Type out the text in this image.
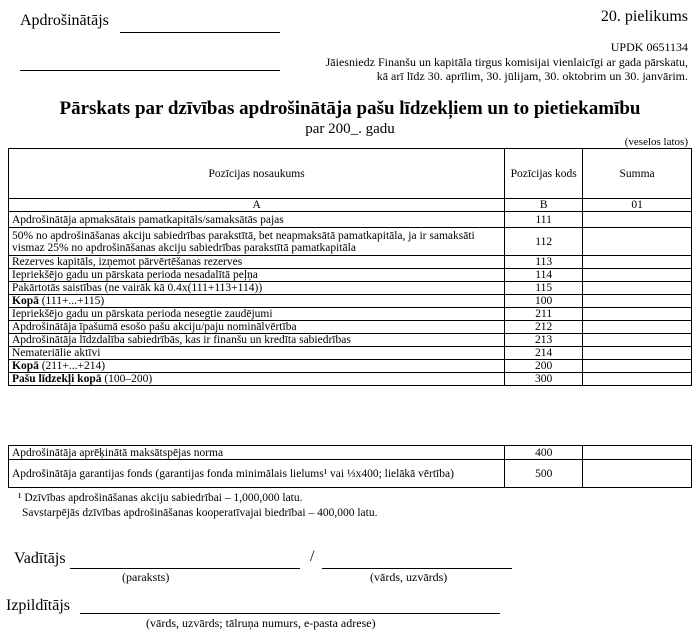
Apdrošinātājs	20. pielikums
UPDK 0651134
Jāiesniedz Finanšu un kapitāla tirgus komisijai vienlaicīgi ar gada pārskatu,
kā arī līdz 30. aprīlim, 30. jūlijam, 30. oktobrim un 30. janvārim.
Pārskats par dzīvības apdrošinātāja pašu līdzekļiem un to pietiekamību
par 200_. gadu
(veselos latos)
Pozīcijas nosaukums	Pozīcijas kods	Summa
A	B	01
Apdrošinātāja apmaksātais pamatkapitāls/samaksātās pajas	111	
50% no apdrošināšanas akciju sabiedrības parakstītā, bet neapmaksātā pamatkapitāla, ja ir samaksāti vismaz 25% no apdrošināšanas akciju sabiedrības parakstītā pamatkapitāla	112	
Rezerves kapitāls, izņemot pārvērtēšanas rezerves	113	
Iepriekšējo gadu un pārskata perioda nesadalītā peļņa	114	
Pakārtotās saistības (ne vairāk kā 0.4x(111+113+114))	115	
Kopā (111+...+115)	100	
Iepriekšējo gadu un pārskata perioda nesegtie zaudējumi	211	
Apdrošinātāja īpašumā esošo pašu akciju/paju nominālvērtība	212	
Apdrošinātāja līdzdalība sabiedrībās, kas ir finanšu un kredīta sabiedrības	213	
Nemateriālie aktīvi	214	
Kopā (211+...+214)	200	
Pašu līdzekļi kopā (100–200)	300	
Apdrošinātāja aprēķinātā maksātspējas norma	400	
Apdrošinātāja garantijas fonds (garantijas fonda minimālais lielums¹ vai ⅓x400; lielākā vērtība)	500	
¹ Dzīvības apdrošināšanas akciju sabiedrībai – 1,000,000 latu.
Savstarpējās dzīvības apdrošināšanas kooperatīvajai biedrībai – 400,000 latu.
Vadītājs	/
(paraksts)	(vārds, uzvārds)
Izpildītājs
(vārds, uzvārds; tālruņa numurs, e-pasta adrese)
